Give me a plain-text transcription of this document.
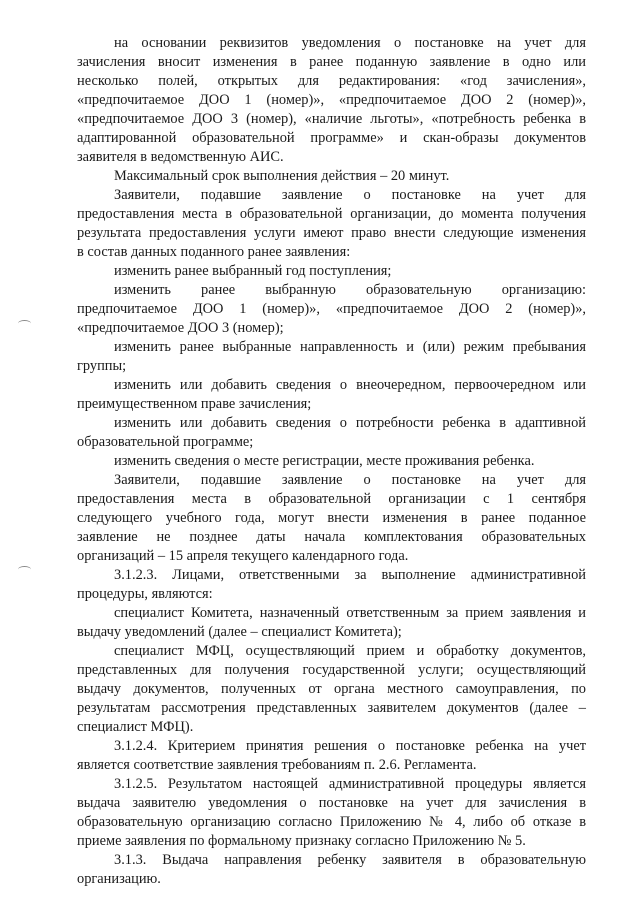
на основании реквизитов уведомления о постановке на учет для
зачисления вносит изменения в ранее поданную заявление в одно или
несколько полей, открытых для редактирования: «год зачисления»,
«предпочитаемое ДОО 1 (номер)», «предпочитаемое ДОО 2 (номер)»,
«предпочитаемое ДОО 3 (номер), «наличие льготы», «потребность ребенка в
адаптированной образовательной программе» и скан-образы документов
заявителя в ведомственную АИС.
Максимальный срок выполнения действия – 20 минут.
Заявители, подавшие заявление о постановке на учет для
предоставления места в образовательной организации, до момента получения
результата предоставления услуги имеют право внести следующие изменения
в состав данных поданного ранее заявления:
изменить ранее выбранный год поступления;
изменить ранее выбранную образовательную организацию:
предпочитаемое ДОО 1 (номер)», «предпочитаемое ДОО 2 (номер)»,
«предпочитаемое ДОО 3 (номер);
изменить ранее выбранные направленность и (или) режим пребывания
группы;
изменить или добавить сведения о внеочередном, первоочередном или
преимущественном праве зачисления;
изменить или добавить сведения о потребности ребенка в адаптивной
образовательной программе;
изменить сведения о месте регистрации, месте проживания ребенка.
Заявители, подавшие заявление о постановке на учет для
предоставления места в образовательной организации с 1 сентября
следующего учебного года, могут внести изменения в ранее поданное
заявление не позднее даты начала комплектования образовательных
организаций – 15 апреля текущего календарного года.
3.1.2.3. Лицами, ответственными за выполнение административной
процедуры, являются:
специалист Комитета, назначенный ответственным за прием заявления и
выдачу уведомлений (далее – специалист Комитета);
специалист МФЦ, осуществляющий прием и обработку документов,
представленных для получения государственной услуги; осуществляющий
выдачу документов, полученных от органа местного самоуправления, по
результатам рассмотрения представленных заявителем документов (далее –
специалист МФЦ).
3.1.2.4. Критерием принятия решения о постановке ребенка на учет
является соответствие заявления требованиям п. 2.6. Регламента.
3.1.2.5. Результатом настоящей административной процедуры является
выдача заявителю уведомления о постановке на учет для зачисления в
образовательную организацию согласно Приложению № 4, либо об отказе в
приеме заявления по формальному признаку согласно Приложению № 5.
3.1.3. Выдача направления ребенку заявителя в образовательную
организацию.
